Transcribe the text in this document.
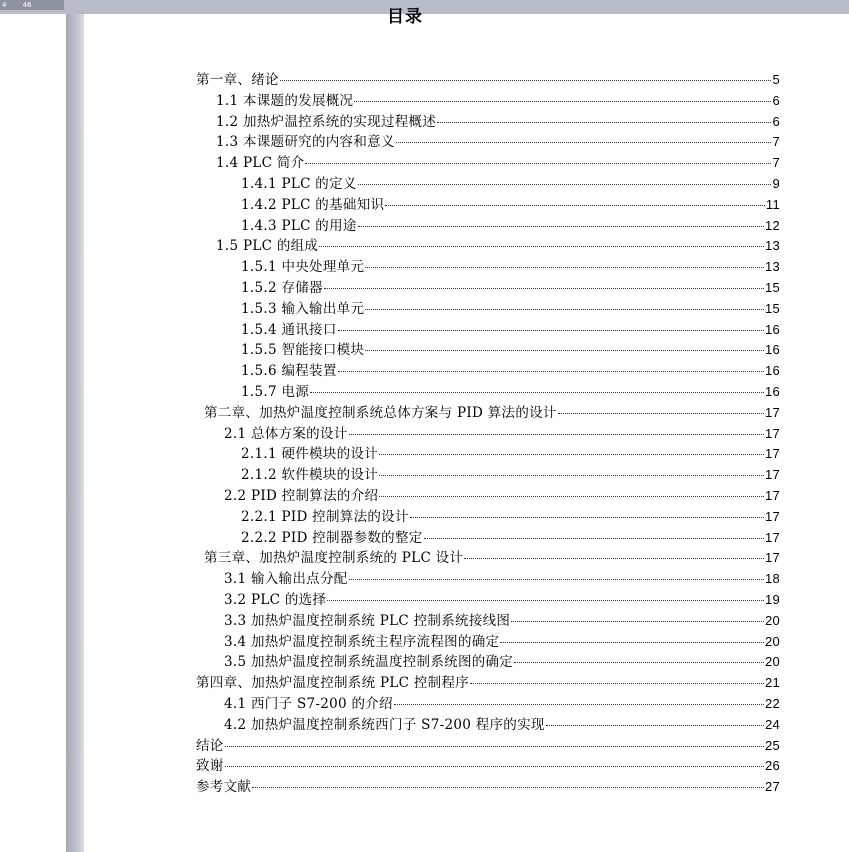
4 46
目录
第一章、绪论	5
1.1 本课题的发展概况	6
1.2 加热炉温控系统的实现过程概述	6
1.3 本课题研究的内容和意义	7
1.4 PLC 简介	7
1.4.1 PLC 的定义	9
1.4.2 PLC 的基础知识	11
1.4.3 PLC 的用途	12
1.5 PLC 的组成	13
1.5.1 中央处理单元	13
1.5.2 存储器	15
1.5.3 输入输出单元	15
1.5.4 通讯接口	16
1.5.5 智能接口模块	16
1.5.6 编程装置	16
1.5.7 电源	16
第二章、加热炉温度控制系统总体方案与 PID 算法的设计	17
2.1 总体方案的设计	17
2.1.1 硬件模块的设计	17
2.1.2 软件模块的设计	17
2.2 PID 控制算法的介绍	17
2.2.1 PID 控制算法的设计	17
2.2.2 PID 控制器参数的整定	17
第三章、加热炉温度控制系统的 PLC 设计	17
3.1 输入输出点分配	18
3.2 PLC 的选择	19
3.3 加热炉温度控制系统 PLC 控制系统接线图	20
3.4 加热炉温度控制系统主程序流程图的确定	20
3.5 加热炉温度控制系统温度控制系统图的确定	20
第四章、加热炉温度控制系统 PLC 控制程序	21
4.1 西门子 S7-200 的介绍	22
4.2 加热炉温度控制系统西门子 S7-200 程序的实现	24
结论	25
致谢	26
参考文献	27
